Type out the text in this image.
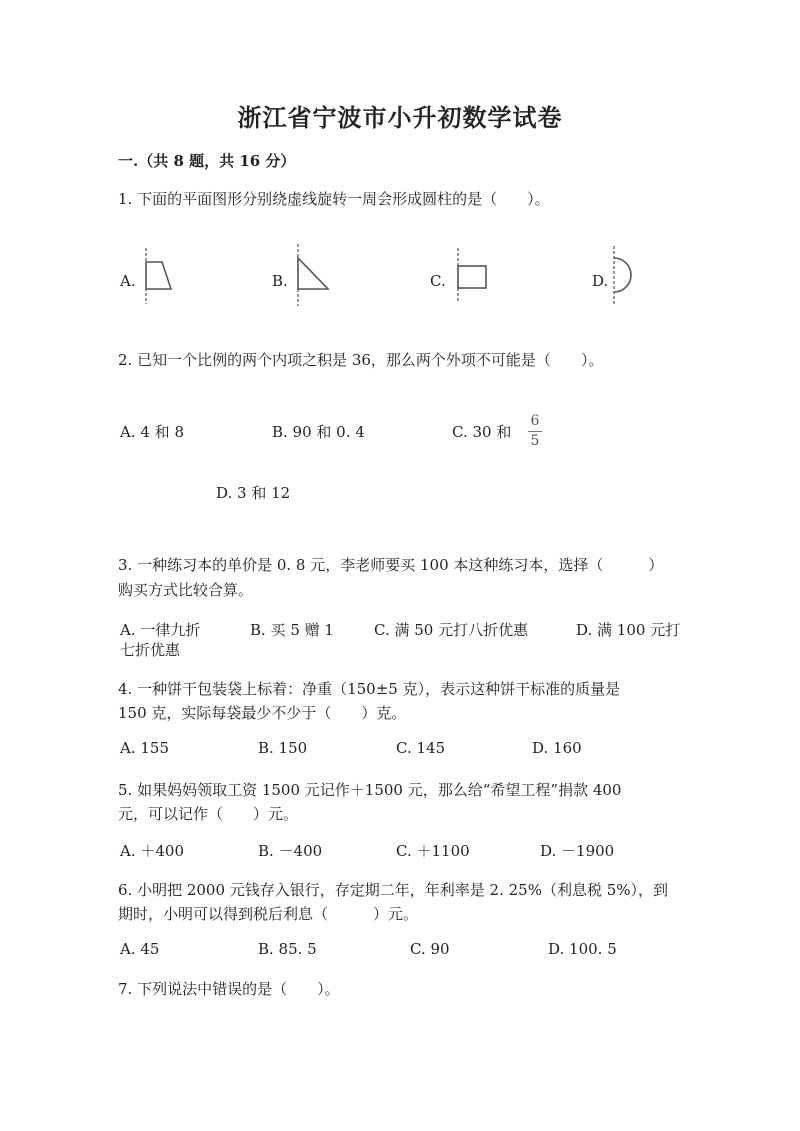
浙江省宁波市小升初数学试卷
一.（共 8 题，共 16 分）
1. 下面的平面图形分别绕虚线旋转一周会形成圆柱的是（　　）。
A.	B.	C.	D.
2. 已知一个比例的两个内项之积是 36，那么两个外项不可能是（　　）。
A. 4 和 8	B. 90 和 0. 4	C. 30 和
6
5
D. 3 和 12
3. 一种练习本的单价是 0. 8 元，李老师要买 100 本这种练习本，选择（　　　）
购买方式比较合算。
A. 一律九折	B. 买 5 赠 1	C. 满 50 元打八折优惠	D. 满 100 元打
七折优惠
4. 一种饼干包装袋上标着：净重（150±5 克），表示这种饼干标准的质量是
150 克，实际每袋最少不少于（　　）克。
A. 155	B. 150	C. 145	D. 160
5. 如果妈妈领取工资 1500 元记作＋1500 元，那么给“希望工程”捐款 400
元，可以记作（　　）元。
A. ＋400	B. －400	C. ＋1100	D. －1900
6. 小明把 2000 元钱存入银行，存定期二年，年利率是 2. 25%（利息税 5%），到
期时，小明可以得到税后利息（　　　）元。
A. 45	B. 85. 5	C. 90	D. 100. 5
7. 下列说法中错误的是（　　）。
